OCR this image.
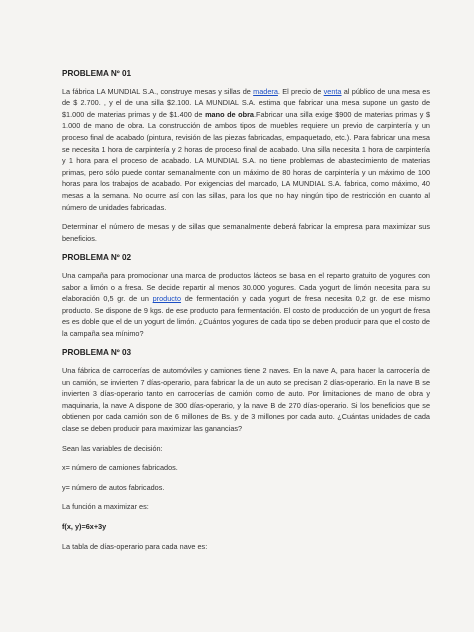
PROBLEMA Nº 01

La fábrica LA MUNDIAL S.A., construye mesas y sillas de madera. El precio de venta al público de una mesa es de $ 2.700. , y el de una silla $2.100. LA MUNDIAL S.A. estima que fabricar una mesa supone un gasto de $1.000 de materias primas y de $1.400 de mano de obra.Fabricar una silla exige $900 de materias primas y $ 1.000 de mano de obra. La construcción de ambos tipos de muebles requiere un previo de carpintería y un proceso final de acabado (pintura, revisión de las piezas fabricadas, empaquetado, etc.). Para fabricar una mesa se necesita 1 hora de carpintería y 2 horas de proceso final de acabado. Una silla necesita 1 hora de carpintería y 1 hora para el proceso de acabado. LA MUNDIAL S.A. no tiene problemas de abastecimiento de materias primas, pero sólo puede contar semanalmente con un máximo de 80 horas de carpintería y un máximo de 100 horas para los trabajos de acabado. Por exigencias del marcado, LA MUNDIAL S.A. fabrica, como máximo, 40 mesas a la semana. No ocurre así con las sillas, para los que no hay ningún tipo de restricción en cuanto al número de unidades fabricadas.

Determinar el número de mesas y de sillas que semanalmente deberá fabricar la empresa para maximizar sus beneficios.

PROBLEMA Nº 02

Una campaña para promocionar una marca de productos lácteos se basa en el reparto gratuito de yogures con sabor a limón o a fresa. Se decide repartir al menos 30.000 yogures. Cada yogurt de limón necesita para su elaboración 0,5 gr. de un producto de fermentación y cada yogurt de fresa necesita 0,2 gr. de ese mismo producto. Se dispone de 9 kgs. de ese producto para fermentación. El costo de producción de un yogurt de fresa es es doble que el de un yogurt de limón. ¿Cuántos yogures de cada tipo se deben producir para que el costo de la campaña sea mínimo?

PROBLEMA Nº 03

Una fábrica de carrocerías de automóviles y camiones tiene 2 naves. En la nave A, para hacer la carrocería de un camión, se invierten 7 días-operario, para fabricar la de un auto se precisan 2 días-operario. En la nave B se invierten 3 días-operario tanto en carrocerías de camión como de auto. Por limitaciones de mano de obra y maquinaria, la nave A dispone de 300 días-operario, y la nave B de 270 días-operario. Si los beneficios que se obtienen por cada camión son de 6 millones de Bs. y de 3 millones por cada auto. ¿Cuántas unidades de cada clase se deben producir para maximizar las ganancias?

Sean las variables de decisión:

x= número de camiones fabricados.

y= número de autos fabricados.

La función a maximizar es:

f(x, y)=6x+3y

La tabla de días-operario para cada nave es:
